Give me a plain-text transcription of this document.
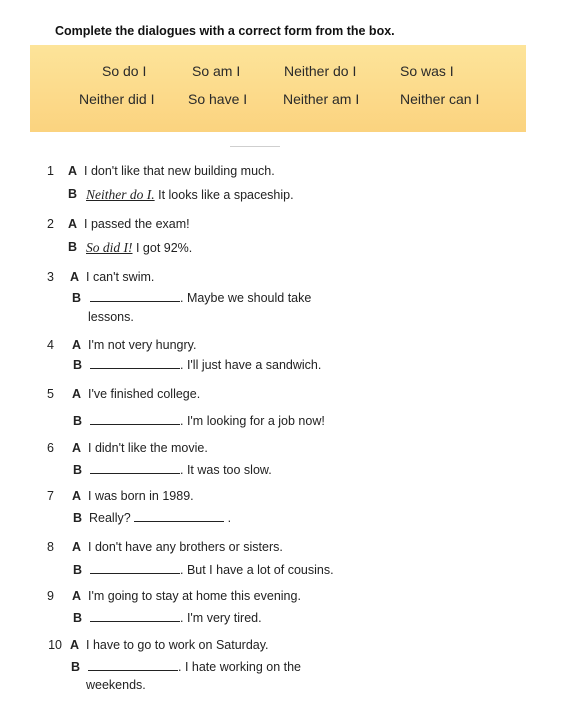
Complete the dialogues with a correct form from the box.
So do I	So am I	Neither do I	So was I
Neither did I So have I	Neither am I	Neither can I
1 A I don't like that new building much.
B Neither do I. It looks like a spaceship.
2 A I passed the exam!
B So did I! I got 92%.
3 A I can't swim.
B	. Maybe we should take
lessons.
4 A I'm not very hungry.
B	. I'll just have a sandwich.
5 A I've finished college.
B	. I'm looking for a job now!
6 A I didn't like the movie.
B	. It was too slow.
7 A I was born in 1989.
B Really?	.
8 A I don't have any brothers or sisters.
B	. But I have a lot of cousins.
9 A I'm going to stay at home this evening.
B	. I'm very tired.
10 A I have to go to work on Saturday.
B	. I hate working on the
weekends.
